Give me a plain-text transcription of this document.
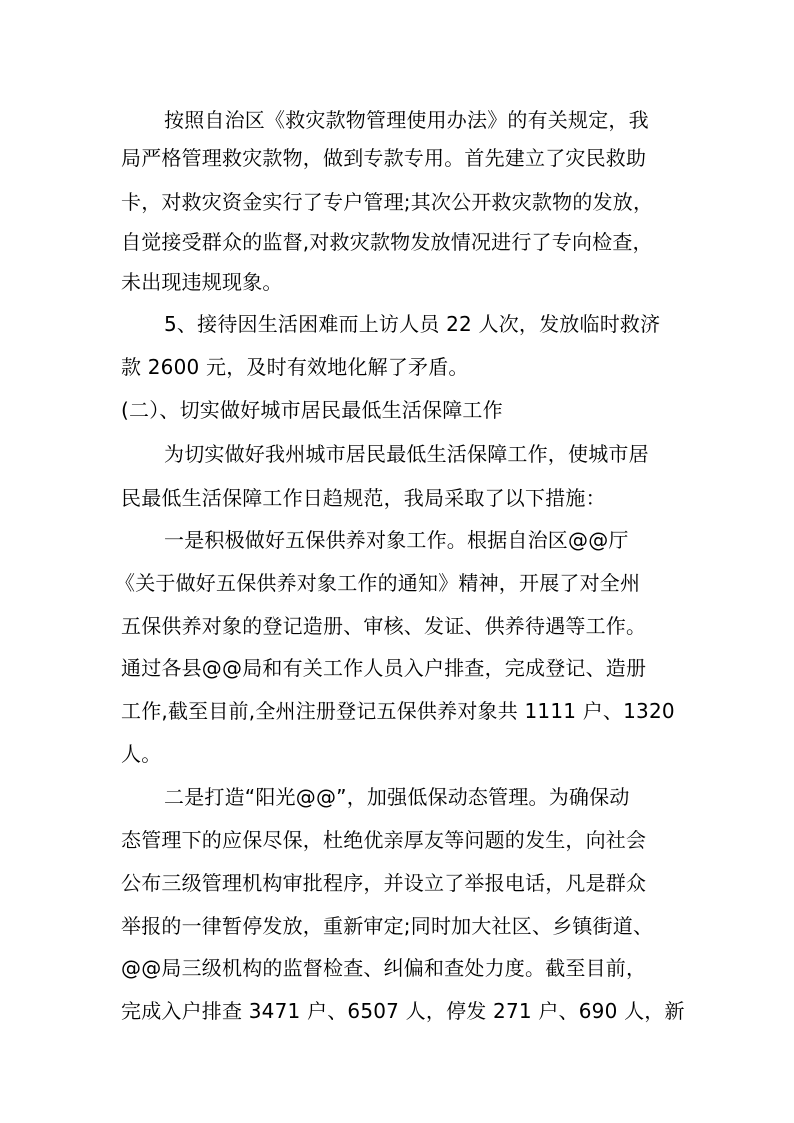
按照自治区《救灾款物管理使用办法》的有关规定，我
局严格管理救灾款物，做到专款专用。首先建立了灾民救助
卡，对救灾资金实行了专户管理;其次公开救灾款物的发放，
自觉接受群众的监督,对救灾款物发放情况进行了专向检查，
未出现违规现象。
5、接待因生活困难而上访人员 22 人次，发放临时救济
款 2600 元，及时有效地化解了矛盾。
(二）、切实做好城市居民最低生活保障工作
为切实做好我州城市居民最低生活保障工作，使城市居
民最低生活保障工作日趋规范，我局采取了以下措施：
一是积极做好五保供养对象工作。根据自治区@@厅
《关于做好五保供养对象工作的通知》精神，开展了对全州
五保供养对象的登记造册、审核、发证、供养待遇等工作。
通过各县@@局和有关工作人员入户排查，完成登记、造册
工作,截至目前,全州注册登记五保供养对象共 1111 户、1320
人。
二是打造“阳光@@”，加强低保动态管理。为确保动
态管理下的应保尽保，杜绝优亲厚友等问题的发生，向社会
公布三级管理机构审批程序，并设立了举报电话，凡是群众
举报的一律暂停发放，重新审定;同时加大社区、乡镇街道、
@@局三级机构的监督检查、纠偏和查处力度。截至目前，
完成入户排查 3471 户、6507 人，停发 271 户、690 人，新
